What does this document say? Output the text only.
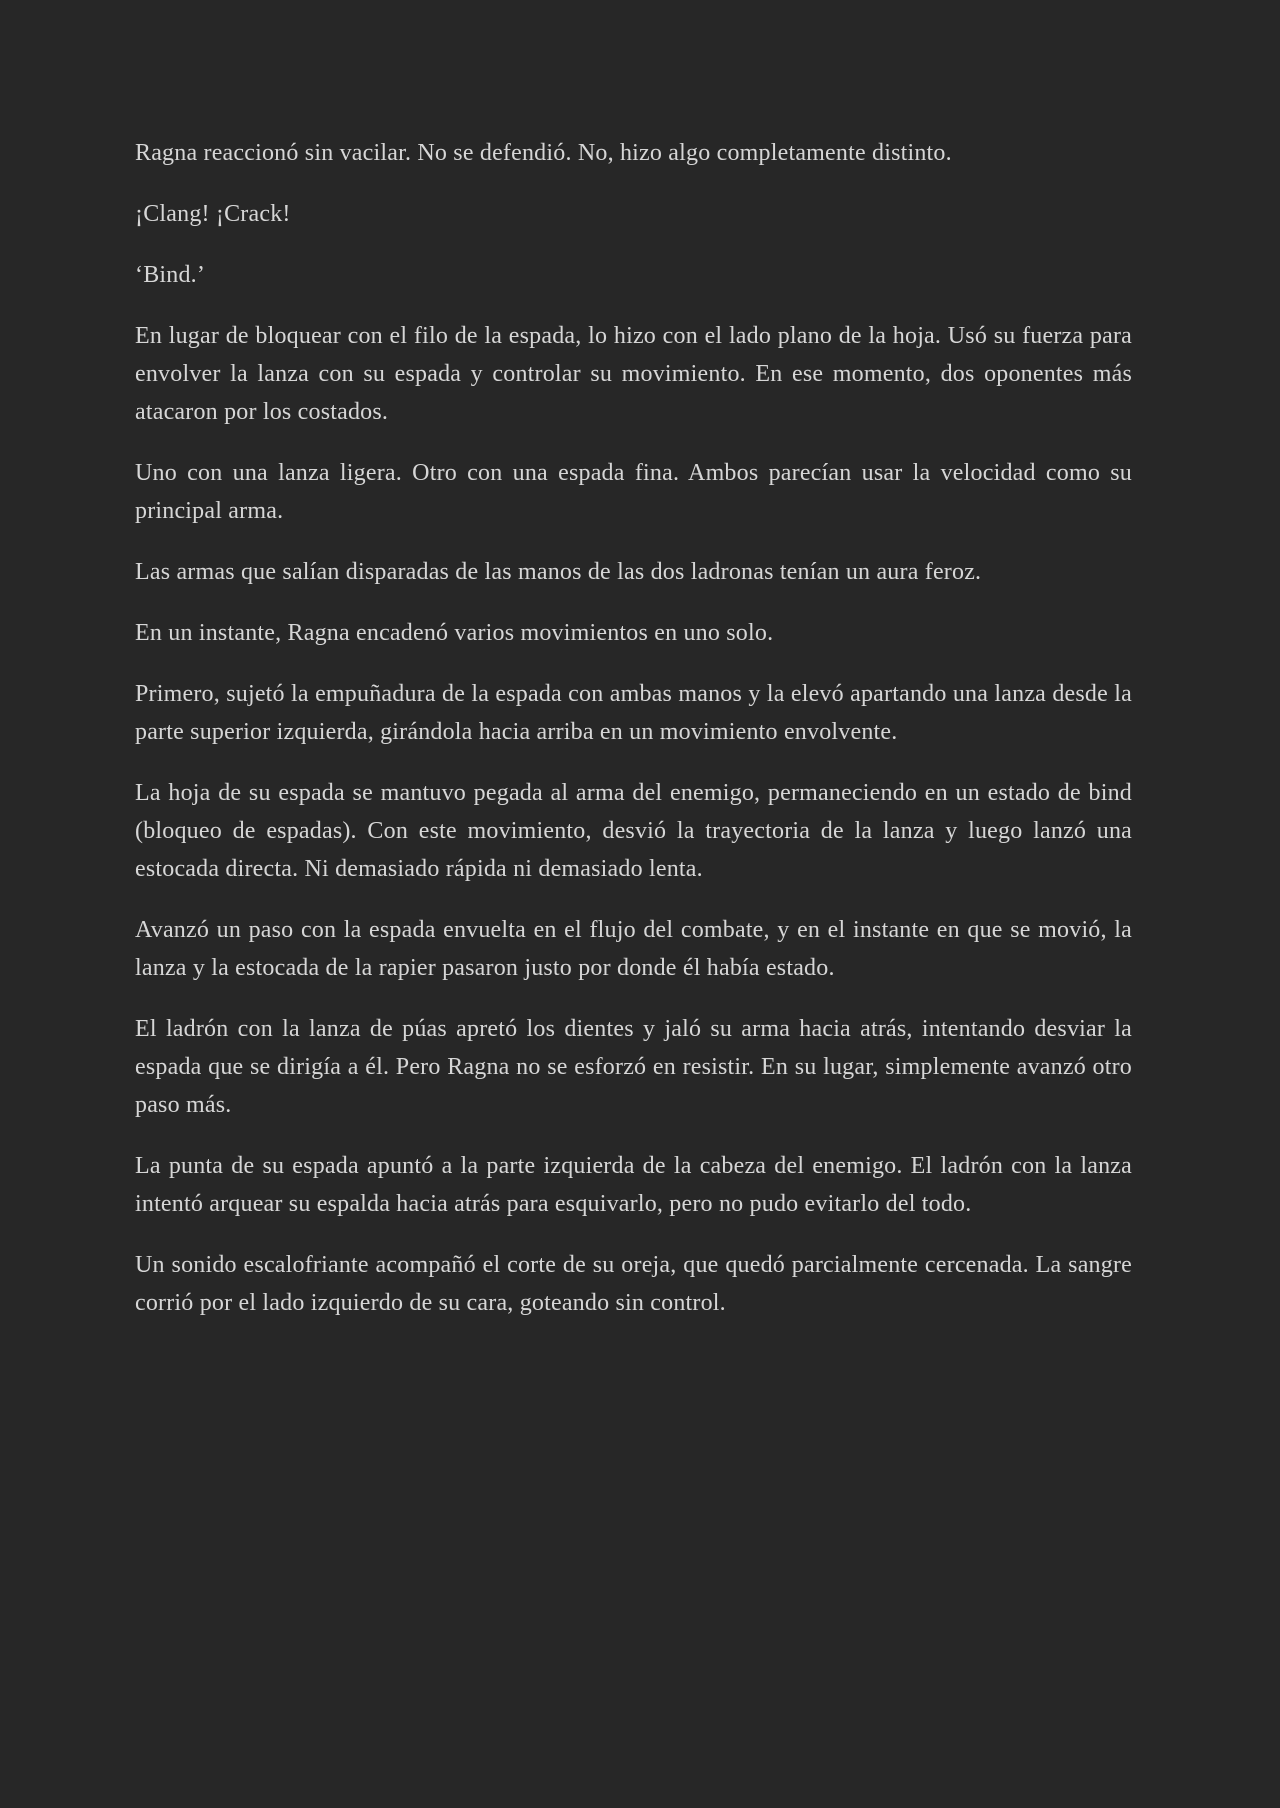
Ragna reaccionó sin vacilar. No se defendió. No, hizo algo completamente distinto.

¡Clang! ¡Crack!

‘Bind.’

En lugar de bloquear con el filo de la espada, lo hizo con el lado plano de la hoja. Usó su fuerza para envolver la lanza con su espada y controlar su movimiento. En ese momento, dos oponentes más atacaron por los costados.

Uno con una lanza ligera. Otro con una espada fina. Ambos parecían usar la velocidad como su principal arma.

Las armas que salían disparadas de las manos de las dos ladronas tenían un aura feroz.

En un instante, Ragna encadenó varios movimientos en uno solo.

Primero, sujetó la empuñadura de la espada con ambas manos y la elevó apartando una lanza desde la parte superior izquierda, girándola hacia arriba en un movimiento envolvente.

La hoja de su espada se mantuvo pegada al arma del enemigo, permaneciendo en un estado de bind (bloqueo de espadas). Con este movimiento, desvió la trayectoria de la lanza y luego lanzó una estocada directa. Ni demasiado rápida ni demasiado lenta.

Avanzó un paso con la espada envuelta en el flujo del combate, y en el instante en que se movió, la lanza y la estocada de la rapier pasaron justo por donde él había estado.

El ladrón con la lanza de púas apretó los dientes y jaló su arma hacia atrás, intentando desviar la espada que se dirigía a él. Pero Ragna no se esforzó en resistir. En su lugar, simplemente avanzó otro paso más.

La punta de su espada apuntó a la parte izquierda de la cabeza del enemigo. El ladrón con la lanza intentó arquear su espalda hacia atrás para esquivarlo, pero no pudo evitarlo del todo.

Un sonido escalofriante acompañó el corte de su oreja, que quedó parcialmente cercenada. La sangre corrió por el lado izquierdo de su cara, goteando sin control.
